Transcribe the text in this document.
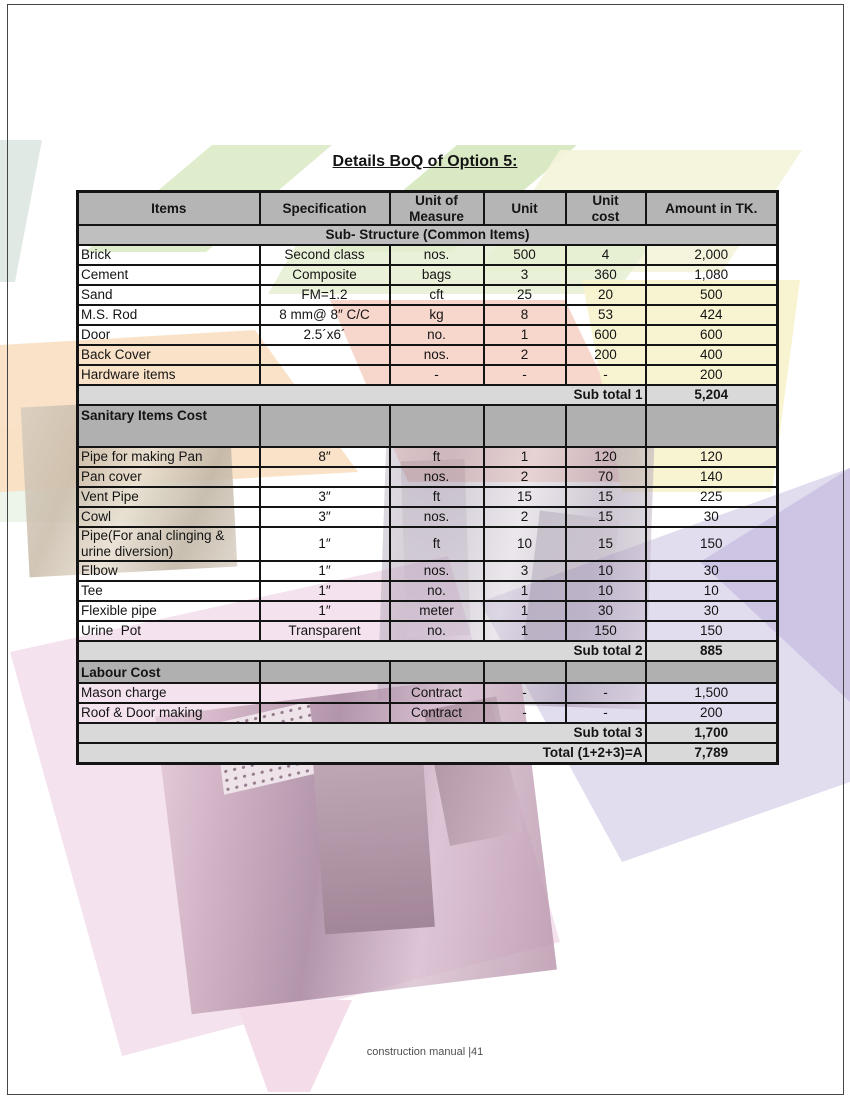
Details BoQ of Option 5:
Items	Specification	Unit of Measure	Unit	Unit cost	Amount in TK.
Sub- Structure (Common Items)					
Brick	Second class	nos.	500	4	2,000
Cement	Composite	bags	3	360	1,080
Sand	FM=1.2	cft	25	20	500
M.S. Rod	8 mm@ 8″ C/C	kg	8	53	424
Door	2.5´x6´	no.	1	600	600
Back Cover		nos.	2	200	400
Hardware items		-	-	-	200
Sub total 1					5,204
Sanitary Items Cost					
Pipe for making Pan	8″	ft	1	120	120
Pan cover		nos.	2	70	140
Vent Pipe	3″	ft	15	15	225
Cowl	3″	nos.	2	15	30
Pipe(For anal clinging & urine diversion)	1″	ft	10	15	150
Elbow	1″	nos.	3	10	30
Tee	1″	no.	1	10	10
Flexible pipe	1″	meter	1	30	30
Urine  Pot	Transparent	no.	1	150	150
Sub total 2					885
Labour Cost					
Mason charge		Contract	-	-	1,500
Roof & Door making		Contract	-	-	200
Sub total 3					1,700
Total (1+2+3)=A					7,789
construction manual |41
